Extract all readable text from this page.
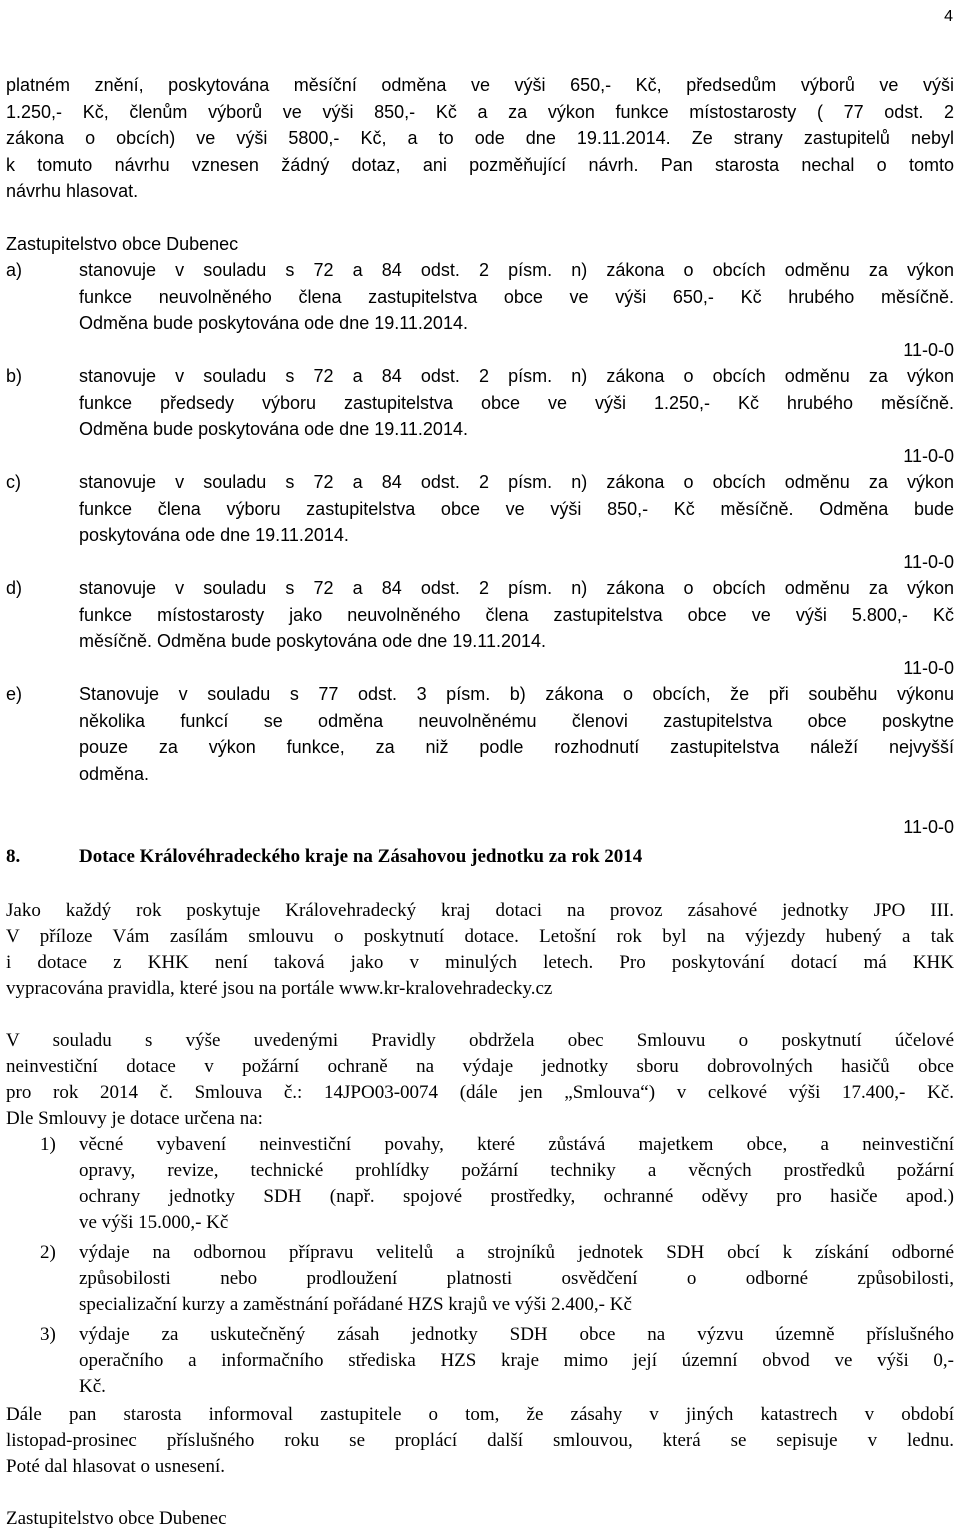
4
platném znění, poskytována měsíční odměna ve výši 650,- Kč, předsedům výborů ve výši
1.250,- Kč, členům výborů ve výši 850,- Kč a za výkon funkce místostarosty ( 77 odst. 2
zákona o obcích) ve výši 5800,- Kč, a to ode dne 19.11.2014. Ze strany zastupitelů nebyl
k tomuto návrhu vznesen žádný dotaz, ani pozměňující návrh. Pan starosta nechal o tomto
návrhu hlasovat.
Zastupitelstvo obce Dubenec
a)	stanovuje v souladu s 72 a 84 odst. 2 písm. n) zákona o obcích odměnu za výkon
funkce neuvolněného člena zastupitelstva obce ve výši 650,- Kč hrubého měsíčně.
Odměna bude poskytována ode dne 19.11.2014.
11-0-0
b)	stanovuje v souladu s 72 a 84 odst. 2 písm. n) zákona o obcích odměnu za výkon
funkce předsedy výboru zastupitelstva obce ve výši 1.250,- Kč hrubého měsíčně.
Odměna bude poskytována ode dne 19.11.2014.
11-0-0
c)	stanovuje v souladu s 72 a 84 odst. 2 písm. n) zákona o obcích odměnu za výkon
funkce člena výboru zastupitelstva obce ve výši 850,- Kč měsíčně. Odměna bude
poskytována ode dne 19.11.2014.
11-0-0
d)	stanovuje v souladu s 72 a 84 odst. 2 písm. n) zákona o obcích odměnu za výkon
funkce místostarosty jako neuvolněného člena zastupitelstva obce ve výši 5.800,- Kč
měsíčně. Odměna bude poskytována ode dne 19.11.2014.
11-0-0
e)	Stanovuje v souladu s 77 odst. 3 písm. b) zákona o obcích, že při souběhu výkonu
několika funkcí se odměna neuvolněnému členovi zastupitelstva obce poskytne
pouze za výkon funkce, za niž podle rozhodnutí zastupitelstva náleží nejvyšší
odměna.
11-0-0
8.	Dotace Královéhradeckého kraje na Zásahovou jednotku za rok 2014
Jako každý rok poskytuje Královehradecký kraj dotaci na provoz zásahové jednotky JPO III.
V příloze Vám zasílám smlouvu o poskytnutí dotace. Letošní rok byl na výjezdy hubený a tak
i dotace z KHK není taková jako v minulých letech. Pro poskytování dotací má KHK
vypracována pravidla, které jsou na portále www.kr-kralovehradecky.cz
V souladu s výše uvedenými Pravidly obdržela obec Smlouvu o poskytnutí účelové
neinvestiční dotace v požární ochraně na výdaje jednotky sboru dobrovolných hasičů obce
pro rok 2014 č. Smlouva č.: 14JPO03-0074 (dále jen „Smlouva“) v celkové výši 17.400,- Kč.
Dle Smlouvy je dotace určena na:
1) věcné vybavení neinvestiční povahy, které zůstává majetkem obce, a neinvestiční
opravy, revize, technické prohlídky požární techniky a věcných prostředků požární
ochrany jednotky SDH (např. spojové prostředky, ochranné oděvy pro hasiče apod.)
ve výši 15.000,- Kč
2) výdaje na odbornou přípravu velitelů a strojníků jednotek SDH obcí k získání odborné
způsobilosti nebo prodloužení platnosti osvědčení o odborné způsobilosti,
specializační kurzy a zaměstnání pořádané HZS krajů ve výši 2.400,- Kč
3) výdaje za uskutečněný zásah jednotky SDH obce na výzvu územně příslušného
operačního a informačního střediska HZS kraje mimo její územní obvod ve výši 0,-
Kč.
Dále pan starosta informoval zastupitele o tom, že zásahy v jiných katastrech v období
listopad-prosinec příslušného roku se proplácí další smlouvou, která se sepisuje v lednu.
Poté dal hlasovat o usnesení.
Zastupitelstvo obce Dubenec
